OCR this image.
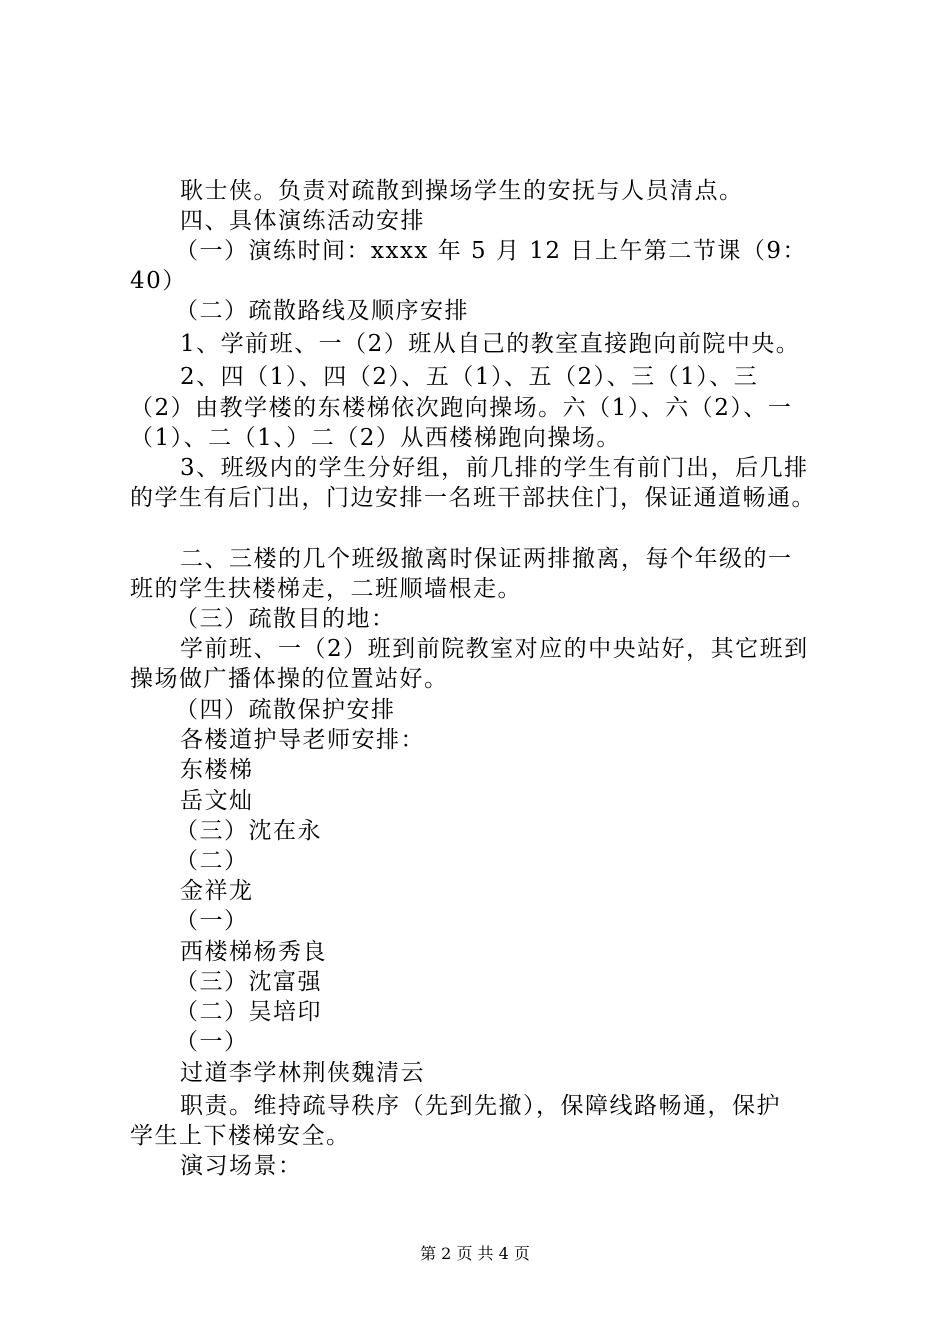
耿士侠。负责对疏散到操场学生的安抚与人员清点。
四、具体演练活动安排
（一）演练时间：xxxx 年 5 月 12 日上午第二节课（9：
40）
（二）疏散路线及顺序安排
1、学前班、一（2）班从自己的教室直接跑向前院中央。
2、四（1）、四（2）、五（1）、五（2）、三（1）、三
（2）由教学楼的东楼梯依次跑向操场。六（1）、六（2）、一
（1）、二（1、）二（2）从西楼梯跑向操场。
3、班级内的学生分好组，前几排的学生有前门出，后几排
的学生有后门出，门边安排一名班干部扶住门，保证通道畅通。
二、三楼的几个班级撤离时保证两排撤离，每个年级的一
班的学生扶楼梯走，二班顺墙根走。
（三）疏散目的地：
学前班、一（2）班到前院教室对应的中央站好，其它班到
操场做广播体操的位置站好。
（四）疏散保护安排
各楼道护导老师安排：
东楼梯
岳文灿
（三）沈在永
（二）
金祥龙
（一）
西楼梯杨秀良
（三）沈富强
（二）吴培印
（一）
过道李学林荆侠魏清云
职责。维持疏导秩序（先到先撤），保障线路畅通，保护
学生上下楼梯安全。
演习场景：
第 2 页 共 4 页
